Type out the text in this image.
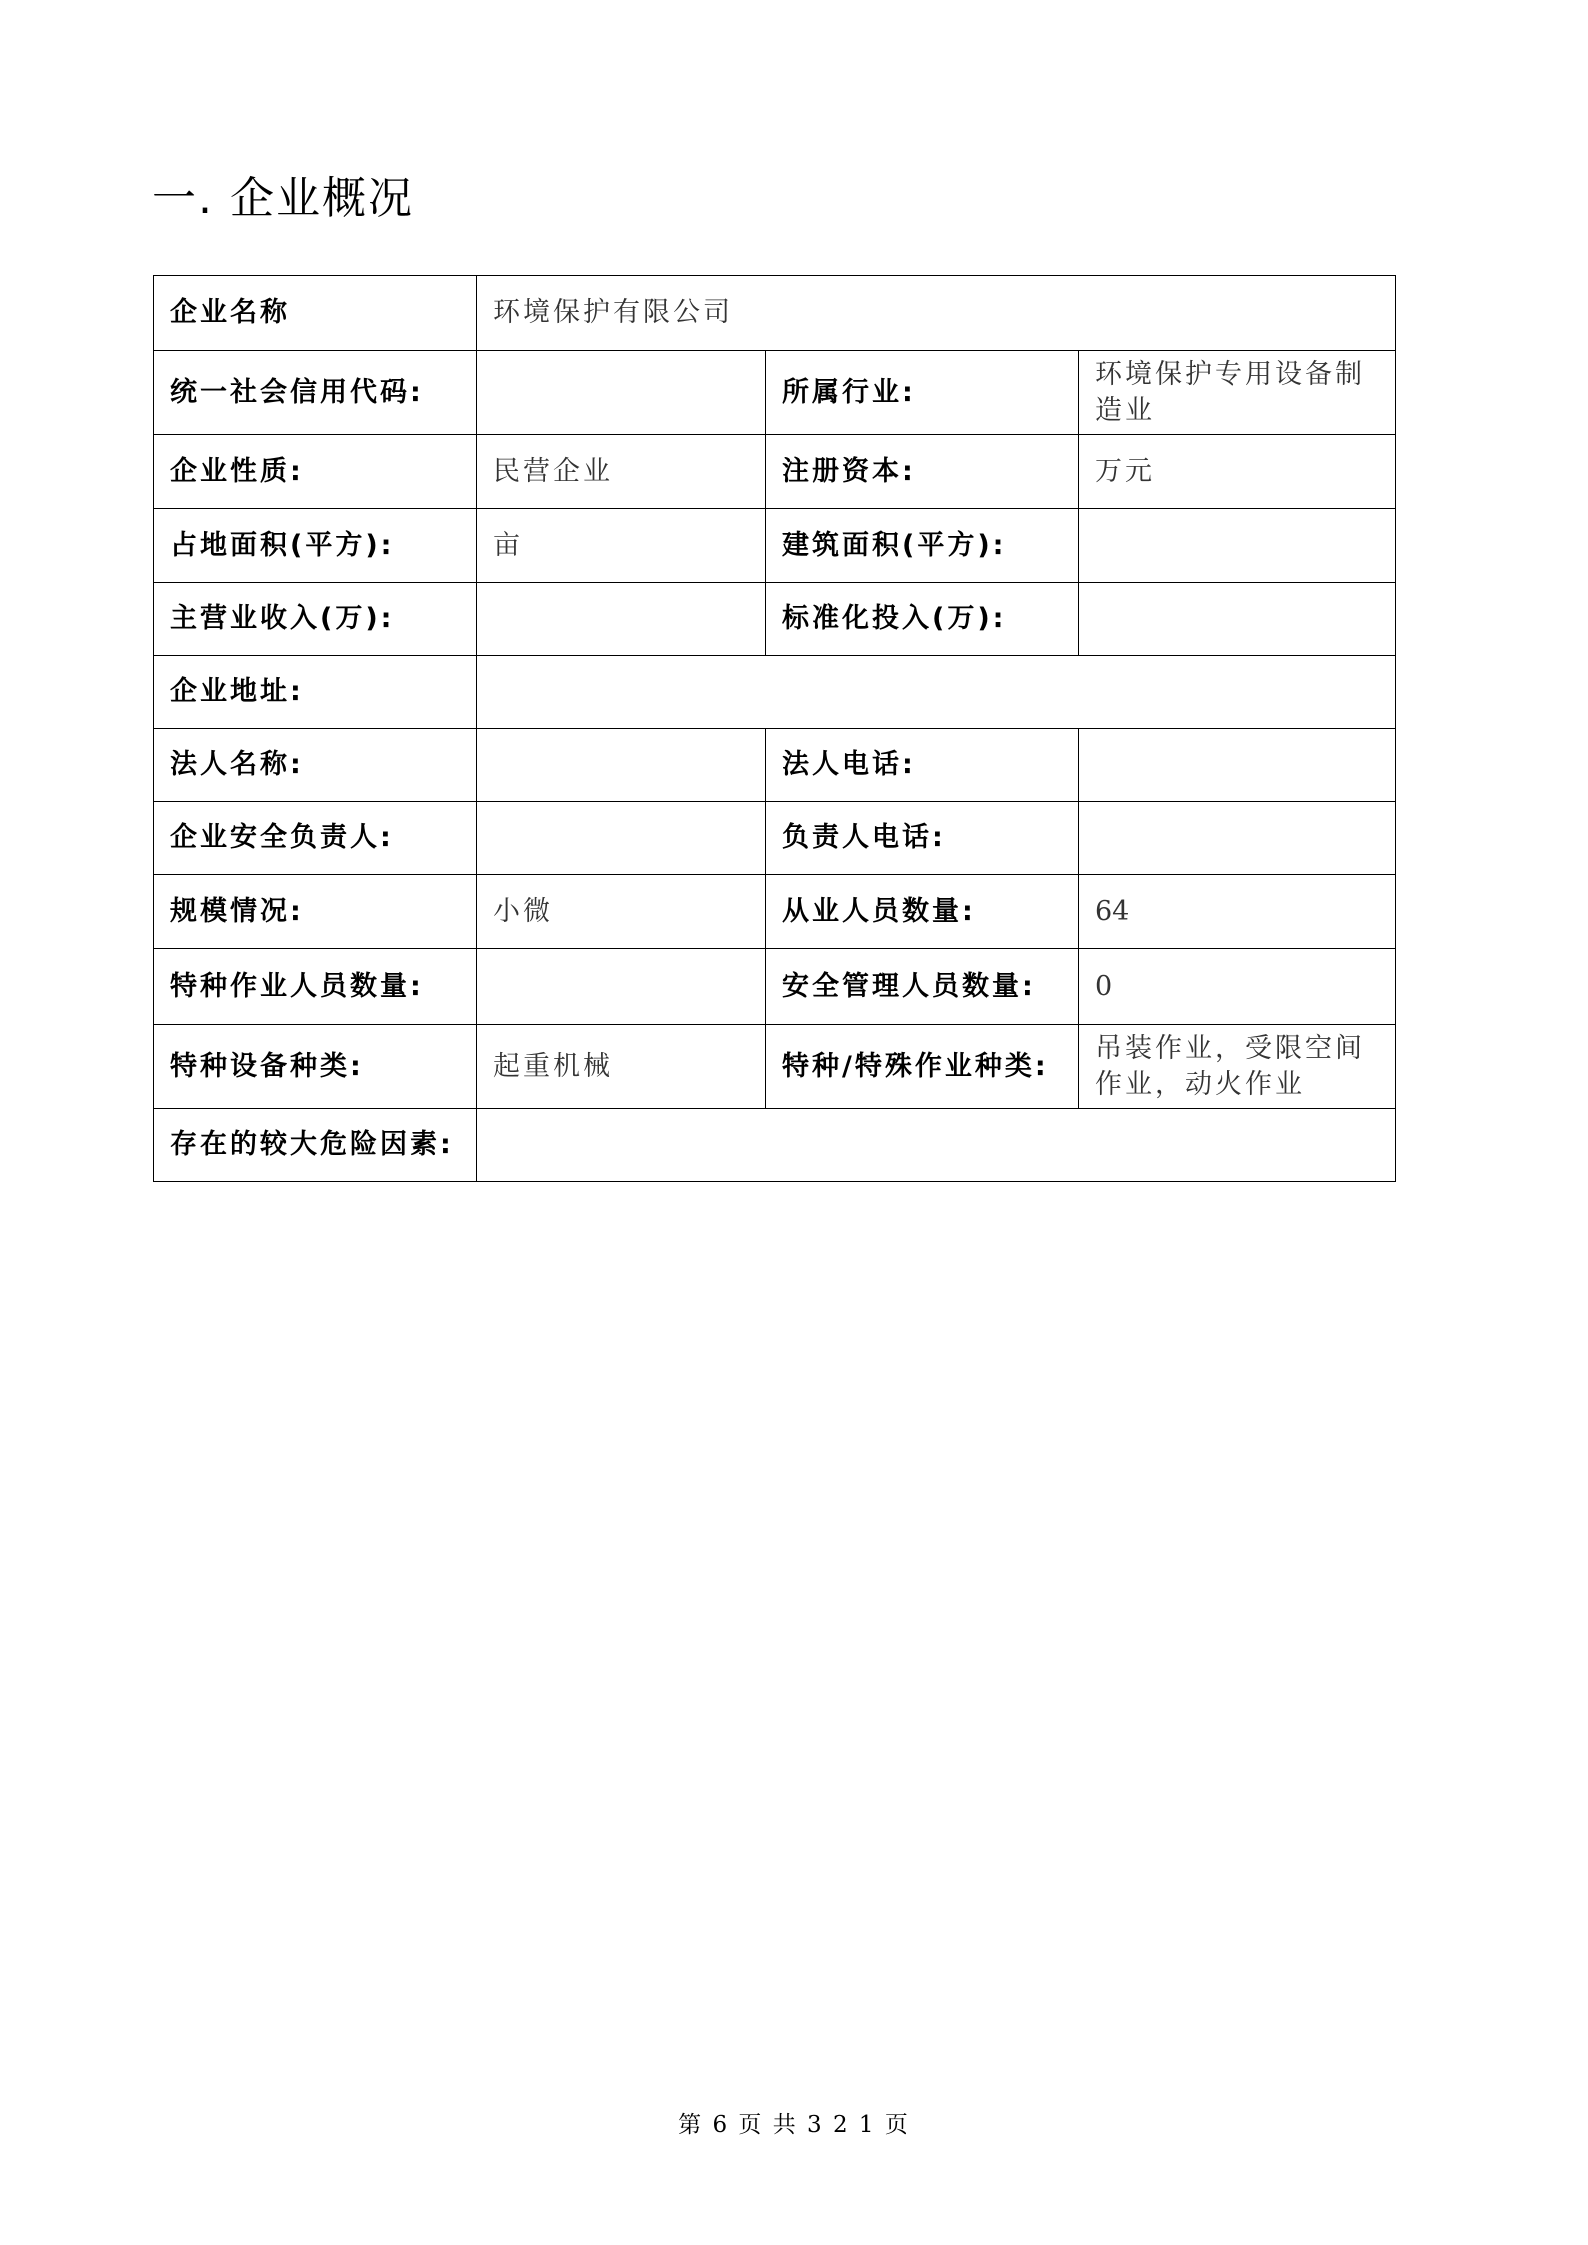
一. 企业概况
企业名称	环境保护有限公司		
统一社会信用代码:		所属行业:	环境保护专用设备制造业
企业性质:	民营企业	注册资本:	万元
占地面积(平方):	亩	建筑面积(平方):	
主营业收入(万):		标准化投入(万):	
企业地址:			
法人名称:		法人电话:	
企业安全负责人:		负责人电话:	
规模情况:	小微	从业人员数量:	64
特种作业人员数量:		安全管理人员数量:	0
特种设备种类:	起重机械	特种/特殊作业种类:	吊装作业，受限空间作业，动火作业
存在的较大危险因素:			
第 6 页 共 3 2 1 页
